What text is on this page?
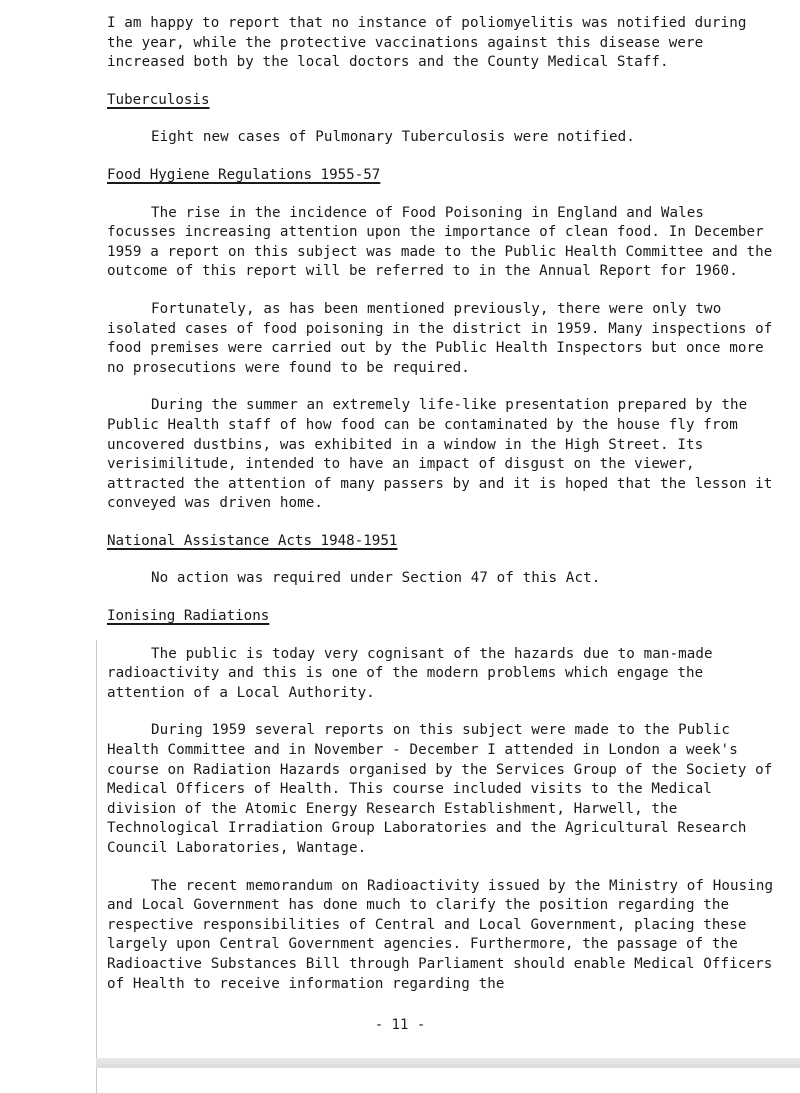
I am happy to report that no instance of poliomyelitis was notified during the year, while the protective vaccinations against this disease were increased both by the local doctors and the County Medical Staff.

Tuberculosis

Eight new cases of Pulmonary Tuberculosis were notified.

Food Hygiene Regulations 1955-57

The rise in the incidence of Food Poisoning in England and Wales focusses increasing attention upon the importance of clean food. In December 1959 a report on this subject was made to the Public Health Committee and the outcome of this report will be referred to in the Annual Report for 1960.

Fortunately, as has been mentioned previously, there were only two isolated cases of food poisoning in the district in 1959. Many inspections of food premises were carried out by the Public Health Inspectors but once more no prosecutions were found to be required.

During the summer an extremely life-like presentation prepared by the Public Health staff of how food can be contaminated by the house fly from uncovered dustbins, was exhibited in a window in the High Street. Its verisimilitude, intended to have an impact of disgust on the viewer, attracted the attention of many passers by and it is hoped that the lesson it conveyed was driven home.

National Assistance Acts 1948-1951

No action was required under Section 47 of this Act.

Ionising Radiations

The public is today very cognisant of the hazards due to man-made radioactivity and this is one of the modern problems which engage the attention of a Local Authority.

During 1959 several reports on this subject were made to the Public Health Committee and in November - December I attended in London a week's course on Radiation Hazards organised by the Services Group of the Society of Medical Officers of Health. This course included visits to the Medical division of the Atomic Energy Research Establishment, Harwell, the Technological Irradiation Group Laboratories and the Agricultural Research Council Laboratories, Wantage.

The recent memorandum on Radioactivity issued by the Ministry of Housing and Local Government has done much to clarify the position regarding the respective responsibilities of Central and Local Government, placing these largely upon Central Government agencies. Furthermore, the passage of the Radioactive Substances Bill through Parliament should enable Medical Officers of Health to receive information regarding the

- 11 -
